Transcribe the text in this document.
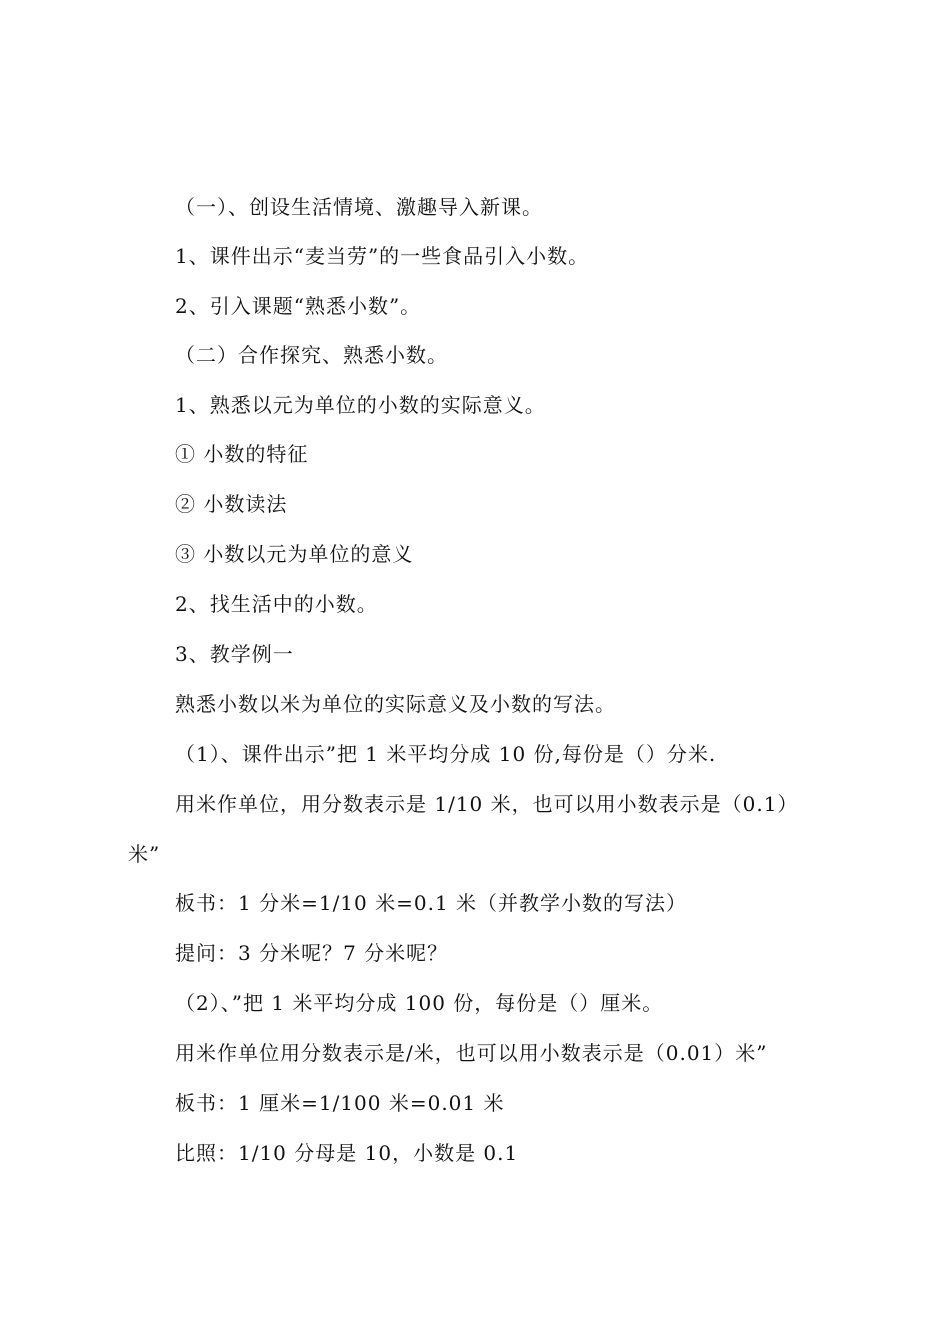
（一）、创设生活情境、激趣导入新课。
1、课件出示“麦当劳”的一些食品引入小数。
2、引入课题“熟悉小数”。
（二）合作探究、熟悉小数。
1、熟悉以元为单位的小数的实际意义。
① 小数的特征
② 小数读法
③ 小数以元为单位的意义
2、找生活中的小数。
3、教学例一
熟悉小数以米为单位的实际意义及小数的写法。
（1）、课件出示”把 1 米平均分成 10 份,每份是（）分米.
用米作单位，用分数表示是 1/10 米，也可以用小数表示是（0.1）
米”
板书：1 分米=1/10 米=0.1 米（并教学小数的写法）
提问：3 分米呢？7 分米呢？
（2）、”把 1 米平均分成 100 份，每份是（）厘米。
用米作单位用分数表示是/米，也可以用小数表示是（0.01）米”
板书：1 厘米=1/100 米=0.01 米
比照：1/10 分母是 10，小数是 0.1
